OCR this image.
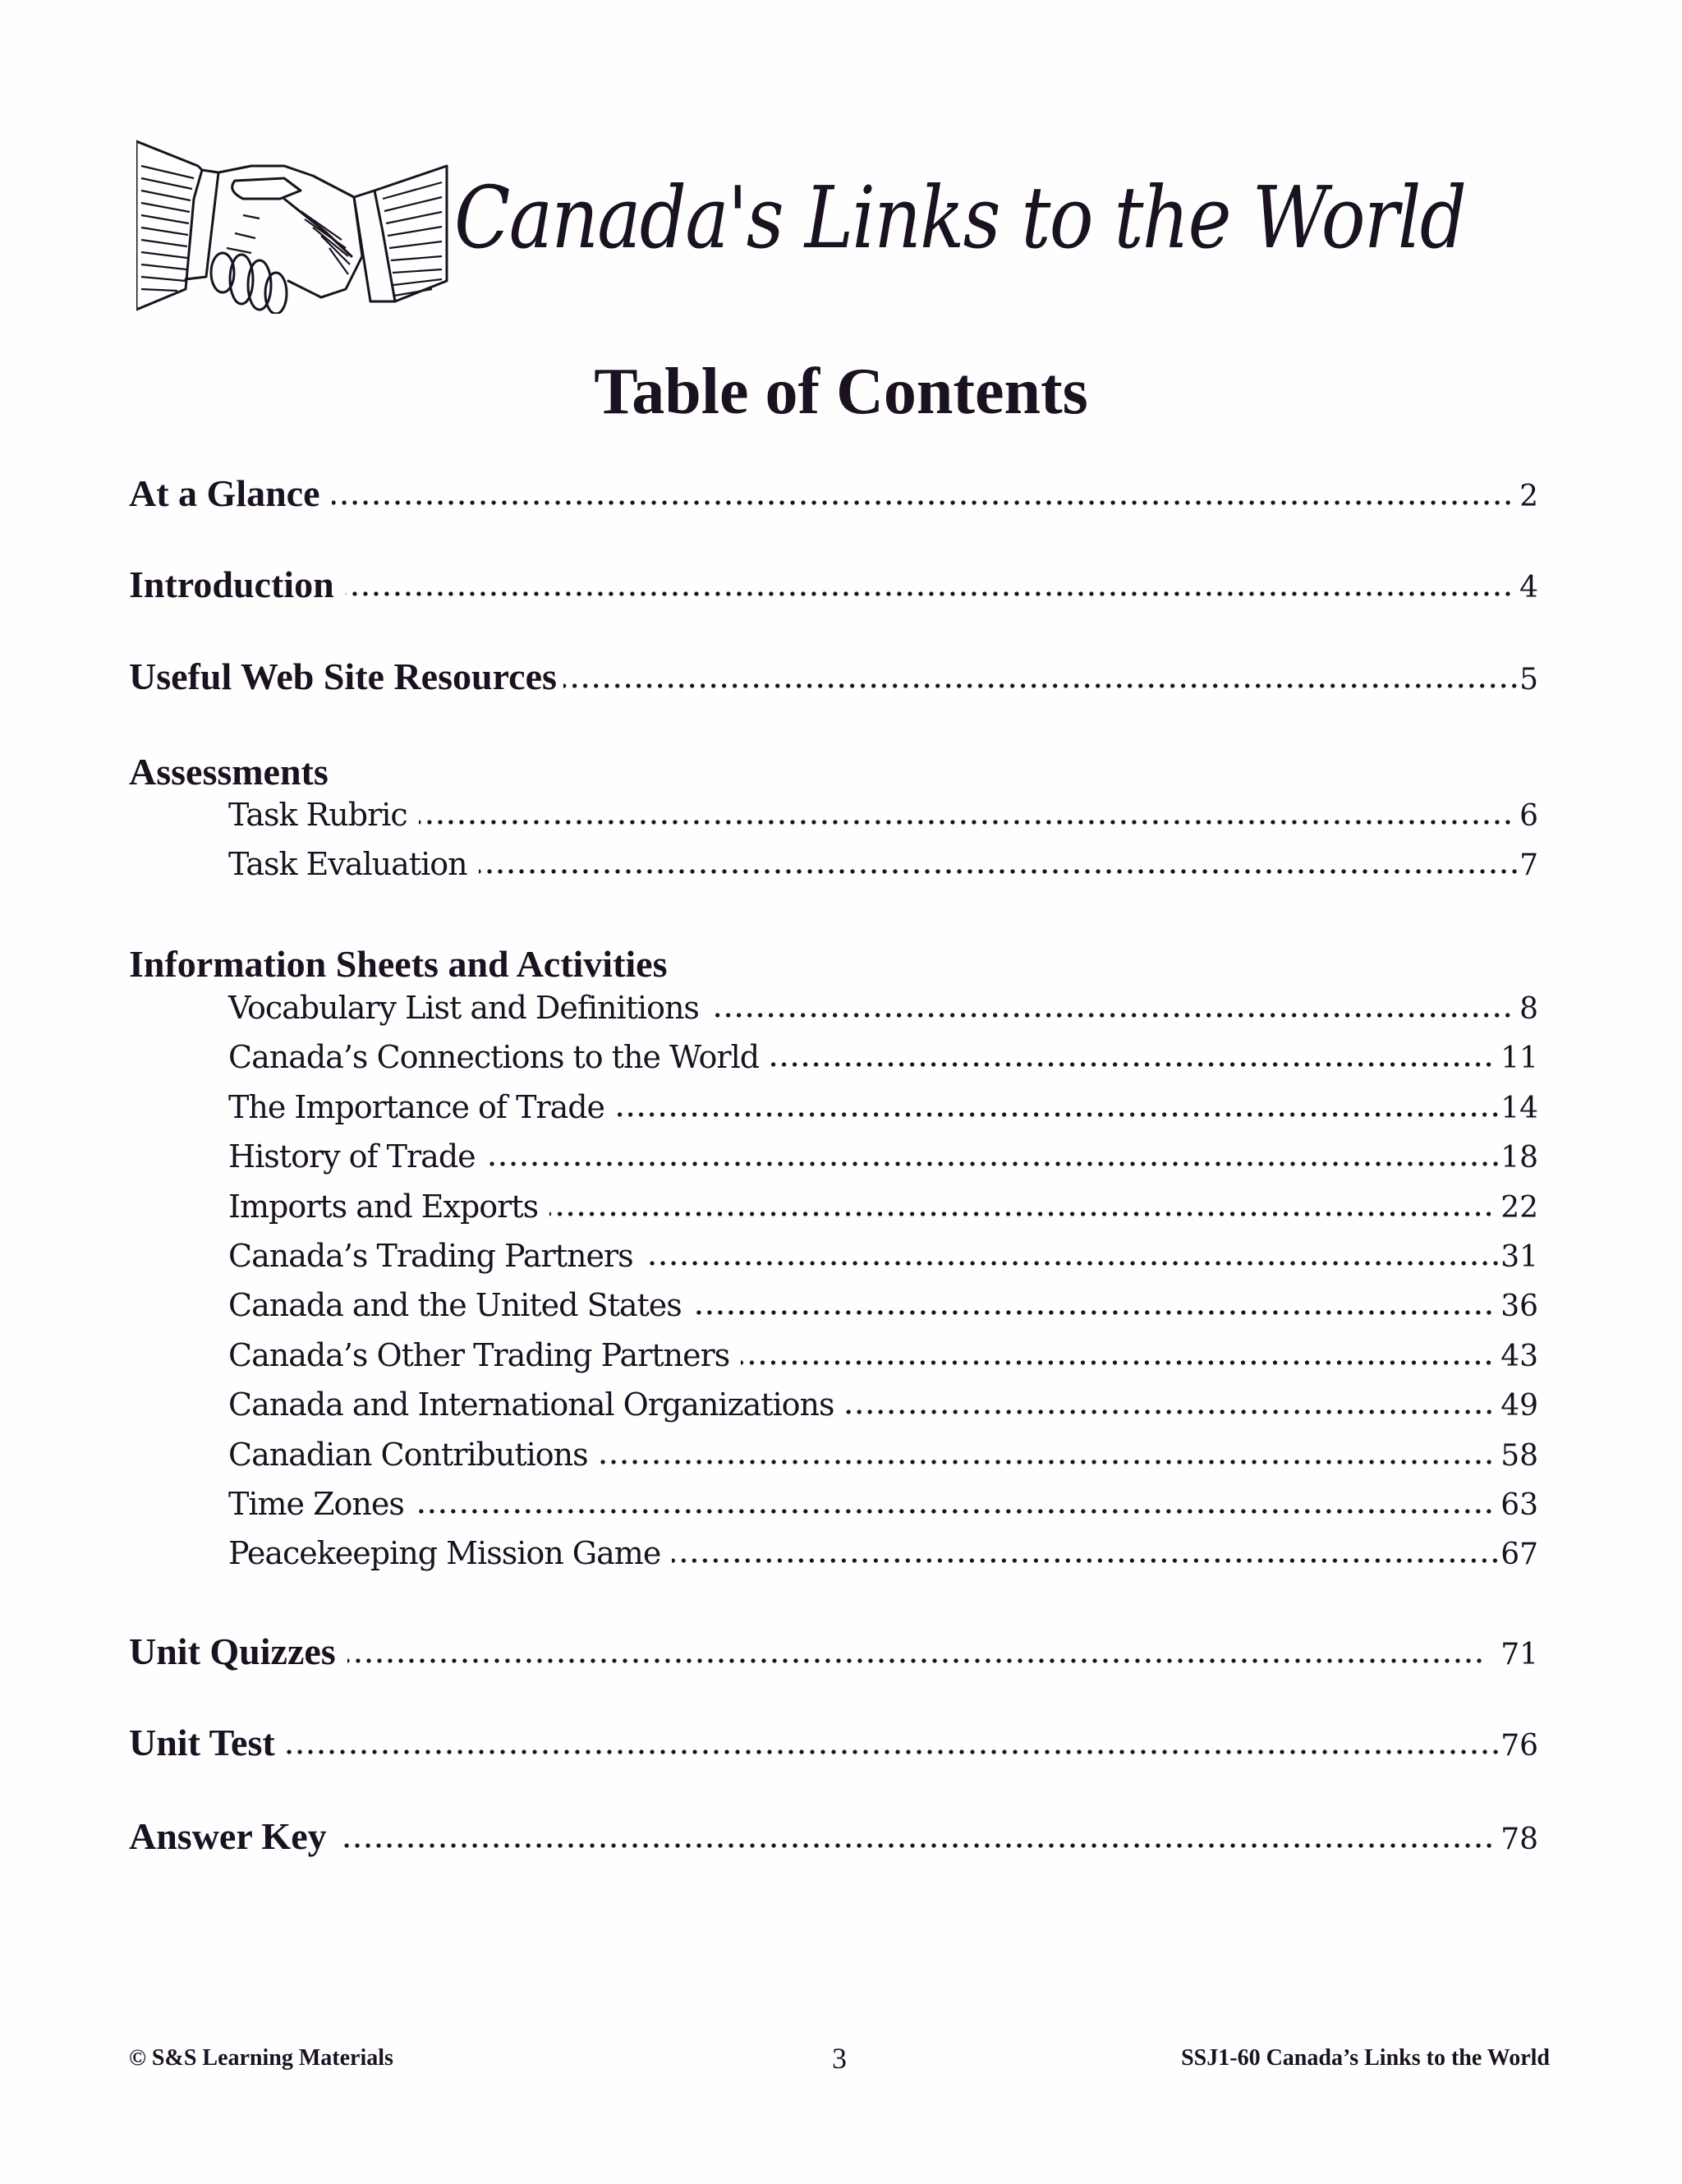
Canada's Links to the World
Table of Contents
At a Glance	2
Introduction	4
Useful Web Site Resources	5
Assessments
Task Rubric	6
Task Evaluation	7
Information Sheets and Activities
Vocabulary List and Definitions	8
Canada’s Connections to the World	11
The Importance of Trade	14
History of Trade	18
Imports and Exports	22
Canada’s Trading Partners	31
Canada and the United States	36
Canada’s Other Trading Partners	43
Canada and International Organizations	49
Canadian Contributions	58
Time Zones	63
Peacekeeping Mission Game	67
Unit Quizzes	71
Unit Test	76
Answer Key	78
© S&S Learning Materials	3	SSJ1-60 Canada’s Links to the World
